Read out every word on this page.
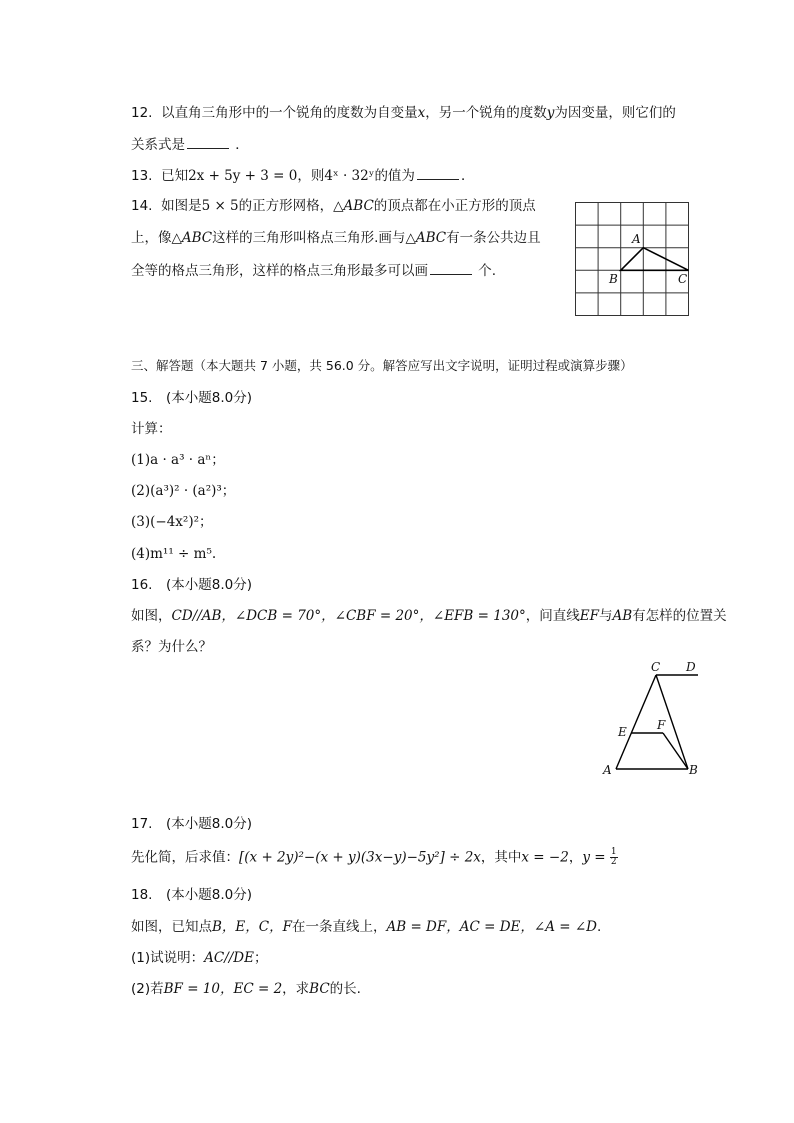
12. 以直角三角形中的一个锐角的度数为自变量x，另一个锐角的度数y为因变量，则它们的
关系式是	．
13. 已知2x + 5y + 3 = 0，则4ˣ · 32ʸ的值为	．
14. 如图是5 × 5的正方形网格，△ABC的顶点都在小正方形的顶点
上，像△ABC这样的三角形叫格点三角形.画与△ABC有一条公共边且
全等的格点三角形，这样的格点三角形最多可以画	个.
A
B	C
三、解答题（本大题共 7 小题，共 56.0 分。解答应写出文字说明，证明过程或演算步骤）
15.　(本小题8.0分)
计算：
(1)a · a³ · aⁿ；
(2)(a³)² · (a²)³；
(3)(−4x²)²；
(4)m¹¹ ÷ m⁵.
16.　(本小题8.0分)
如图，CD//AB，∠DCB = 70°，∠CBF = 20°，∠EFB = 130°，问直线EF与AB有怎样的位置关
系？为什么？
C D
E	F
A	B
17.　(本小题8.0分)
先化简，后求值：[(x + 2y)²−(x + y)(3x−y)−5y²] ÷ 2x，其中x = −2，$y = \frac{1}{2}$
18.　(本小题8.0分)
如图，已知点B，E，C，F在一条直线上，AB = DF，AC = DE，∠A = ∠D.
(1)试说明：AC//DE；
(2)若BF = 10，EC = 2，求BC的长.
